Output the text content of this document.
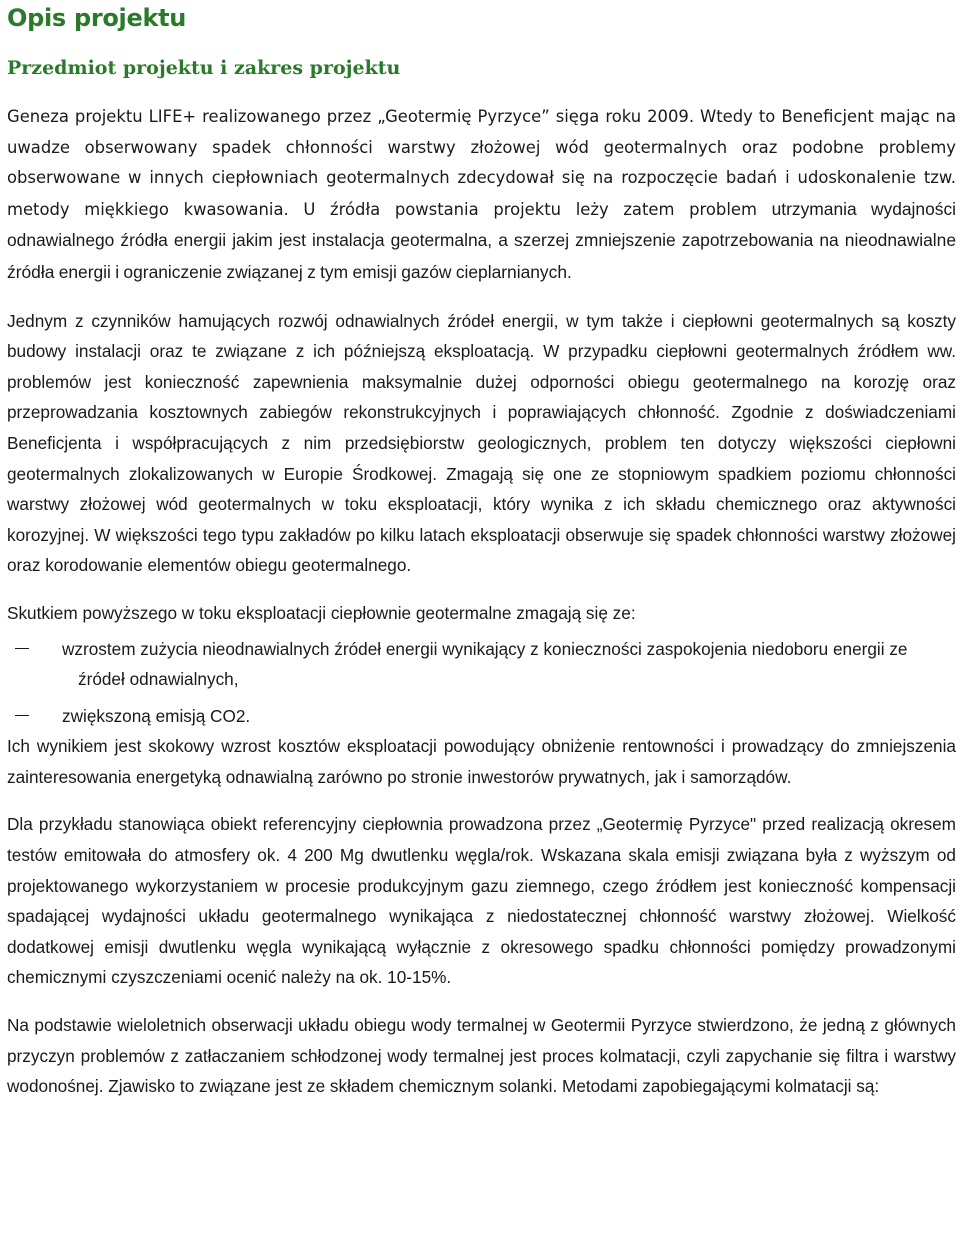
Opis projektu
Przedmiot projektu i zakres projektu

Geneza projektu LIFE+ realizowanego przez „Geotermię Pyrzyce” sięga roku 2009. Wtedy to Beneficjent mając na uwadze obserwowany spadek chłonności warstwy złożowej wód geotermalnych oraz podobne problemy obserwowane w innych ciepłowniach geotermalnych zdecydował się na rozpoczęcie badań i udoskonalenie tzw. metody miękkiego kwasowania. U źródła powstania projektu leży zatem problem utrzymania wydajności odnawialnego źródła energii jakim jest instalacja geotermalna, a szerzej zmniejszenie zapotrzebowania na nieodnawialne źródła energii i ograniczenie związanej z tym emisji gazów cieplarnianych.

Jednym z czynników hamujących rozwój odnawialnych źródeł energii, w tym także i ciepłowni geotermalnych są koszty budowy instalacji oraz te związane z ich późniejszą eksploatacją. W przypadku ciepłowni geotermalnych źródłem ww. problemów jest konieczność zapewnienia maksymalnie dużej odporności obiegu geotermalnego na korozję oraz przeprowadzania kosztownych zabiegów rekonstrukcyjnych i poprawiających chłonność. Zgodnie z doświadczeniami Beneficjenta i współpracujących z nim przedsiębiorstw geologicznych, problem ten dotyczy większości ciepłowni geotermalnych zlokalizowanych w Europie Środkowej. Zmagają się one ze stopniowym spadkiem poziomu chłonności warstwy złożowej wód geotermalnych w toku eksploatacji, który wynika z ich składu chemicznego oraz aktywności korozyjnej. W większości tego typu zakładów po kilku latach eksploatacji obserwuje się spadek chłonności warstwy złożowej oraz korodowanie elementów obiegu geotermalnego.

Skutkiem powyższego w toku eksploatacji ciepłownie geotermalne zmagają się ze:

wzrostem zużycia nieodnawialnych źródeł energii wynikający z konieczności zaspokojenia niedoboru energii ze źródeł odnawialnych,
zwiększoną emisją CO2.

Ich wynikiem jest skokowy wzrost kosztów eksploatacji powodujący obniżenie rentowności i prowadzący do zmniejszenia zainteresowania energetyką odnawialną zarówno po stronie inwestorów prywatnych, jak i samorządów.

Dla przykładu stanowiąca obiekt referencyjny ciepłownia prowadzona przez „Geotermię Pyrzyce" przed realizacją okresem testów emitowała do atmosfery ok. 4 200 Mg dwutlenku węgla/rok. Wskazana skala emisji związana była z wyższym od projektowanego wykorzystaniem w procesie produkcyjnym gazu ziemnego, czego źródłem jest konieczność kompensacji spadającej wydajności układu geotermalnego wynikająca z niedostatecznej chłonność warstwy złożowej. Wielkość dodatkowej emisji dwutlenku węgla wynikającą wyłącznie z okresowego spadku chłonności pomiędzy prowadzonymi chemicznymi czyszczeniami ocenić należy na ok. 10-15%.

Na podstawie wieloletnich obserwacji układu obiegu wody termalnej w Geotermii Pyrzyce stwierdzono, że jedną z głównych przyczyn problemów z zatłaczaniem schłodzonej wody termalnej jest proces kolmatacji, czyli zapychanie się filtra i warstwy wodonośnej. Zjawisko to związane jest ze składem chemicznym solanki. Metodami zapobiegającymi kolmatacji są:
